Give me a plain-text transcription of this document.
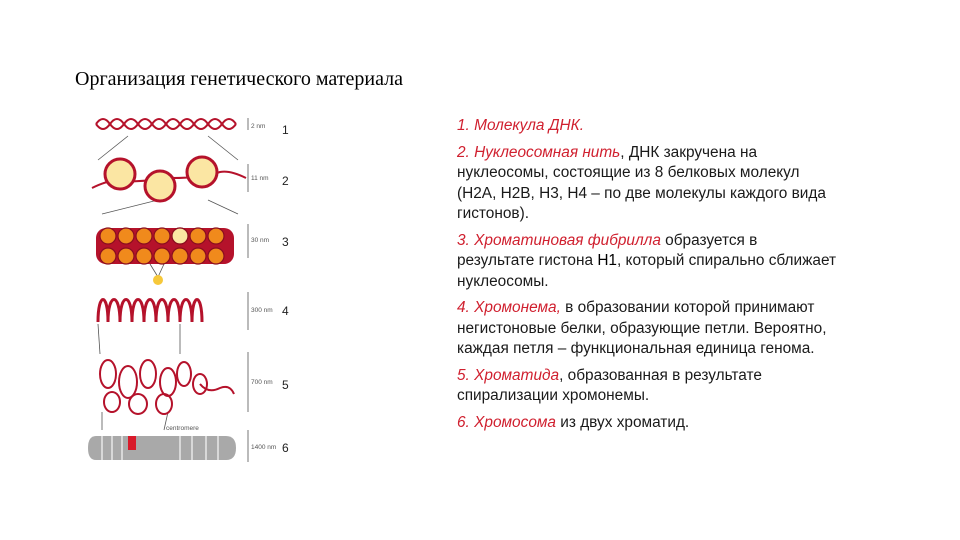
Организация генетического материала
centromere
2 nm
11 nm
30 nm
300 nm
700 nm
1400 nm
1
2
3
4
5
6
1. Молекула ДНК.
2. Нуклеосомная нить, ДНК закручена на нуклеосомы, состоящие из 8 белковых молекул (Н2А, Н2В, Н3, Н4 – по две молекулы каждого вида гистонов).
3. Хроматиновая фибрилла образуется в результате гистона Н1, который спирально сближает нуклеосомы.
4. Хромонема, в образовании которой принимают негистоновые белки, образующие петли. Вероятно, каждая петля – функциональная единица генома.
5. Хроматида, образованная в результате спирализации хромонемы.
6. Хромосома из двух хроматид.
